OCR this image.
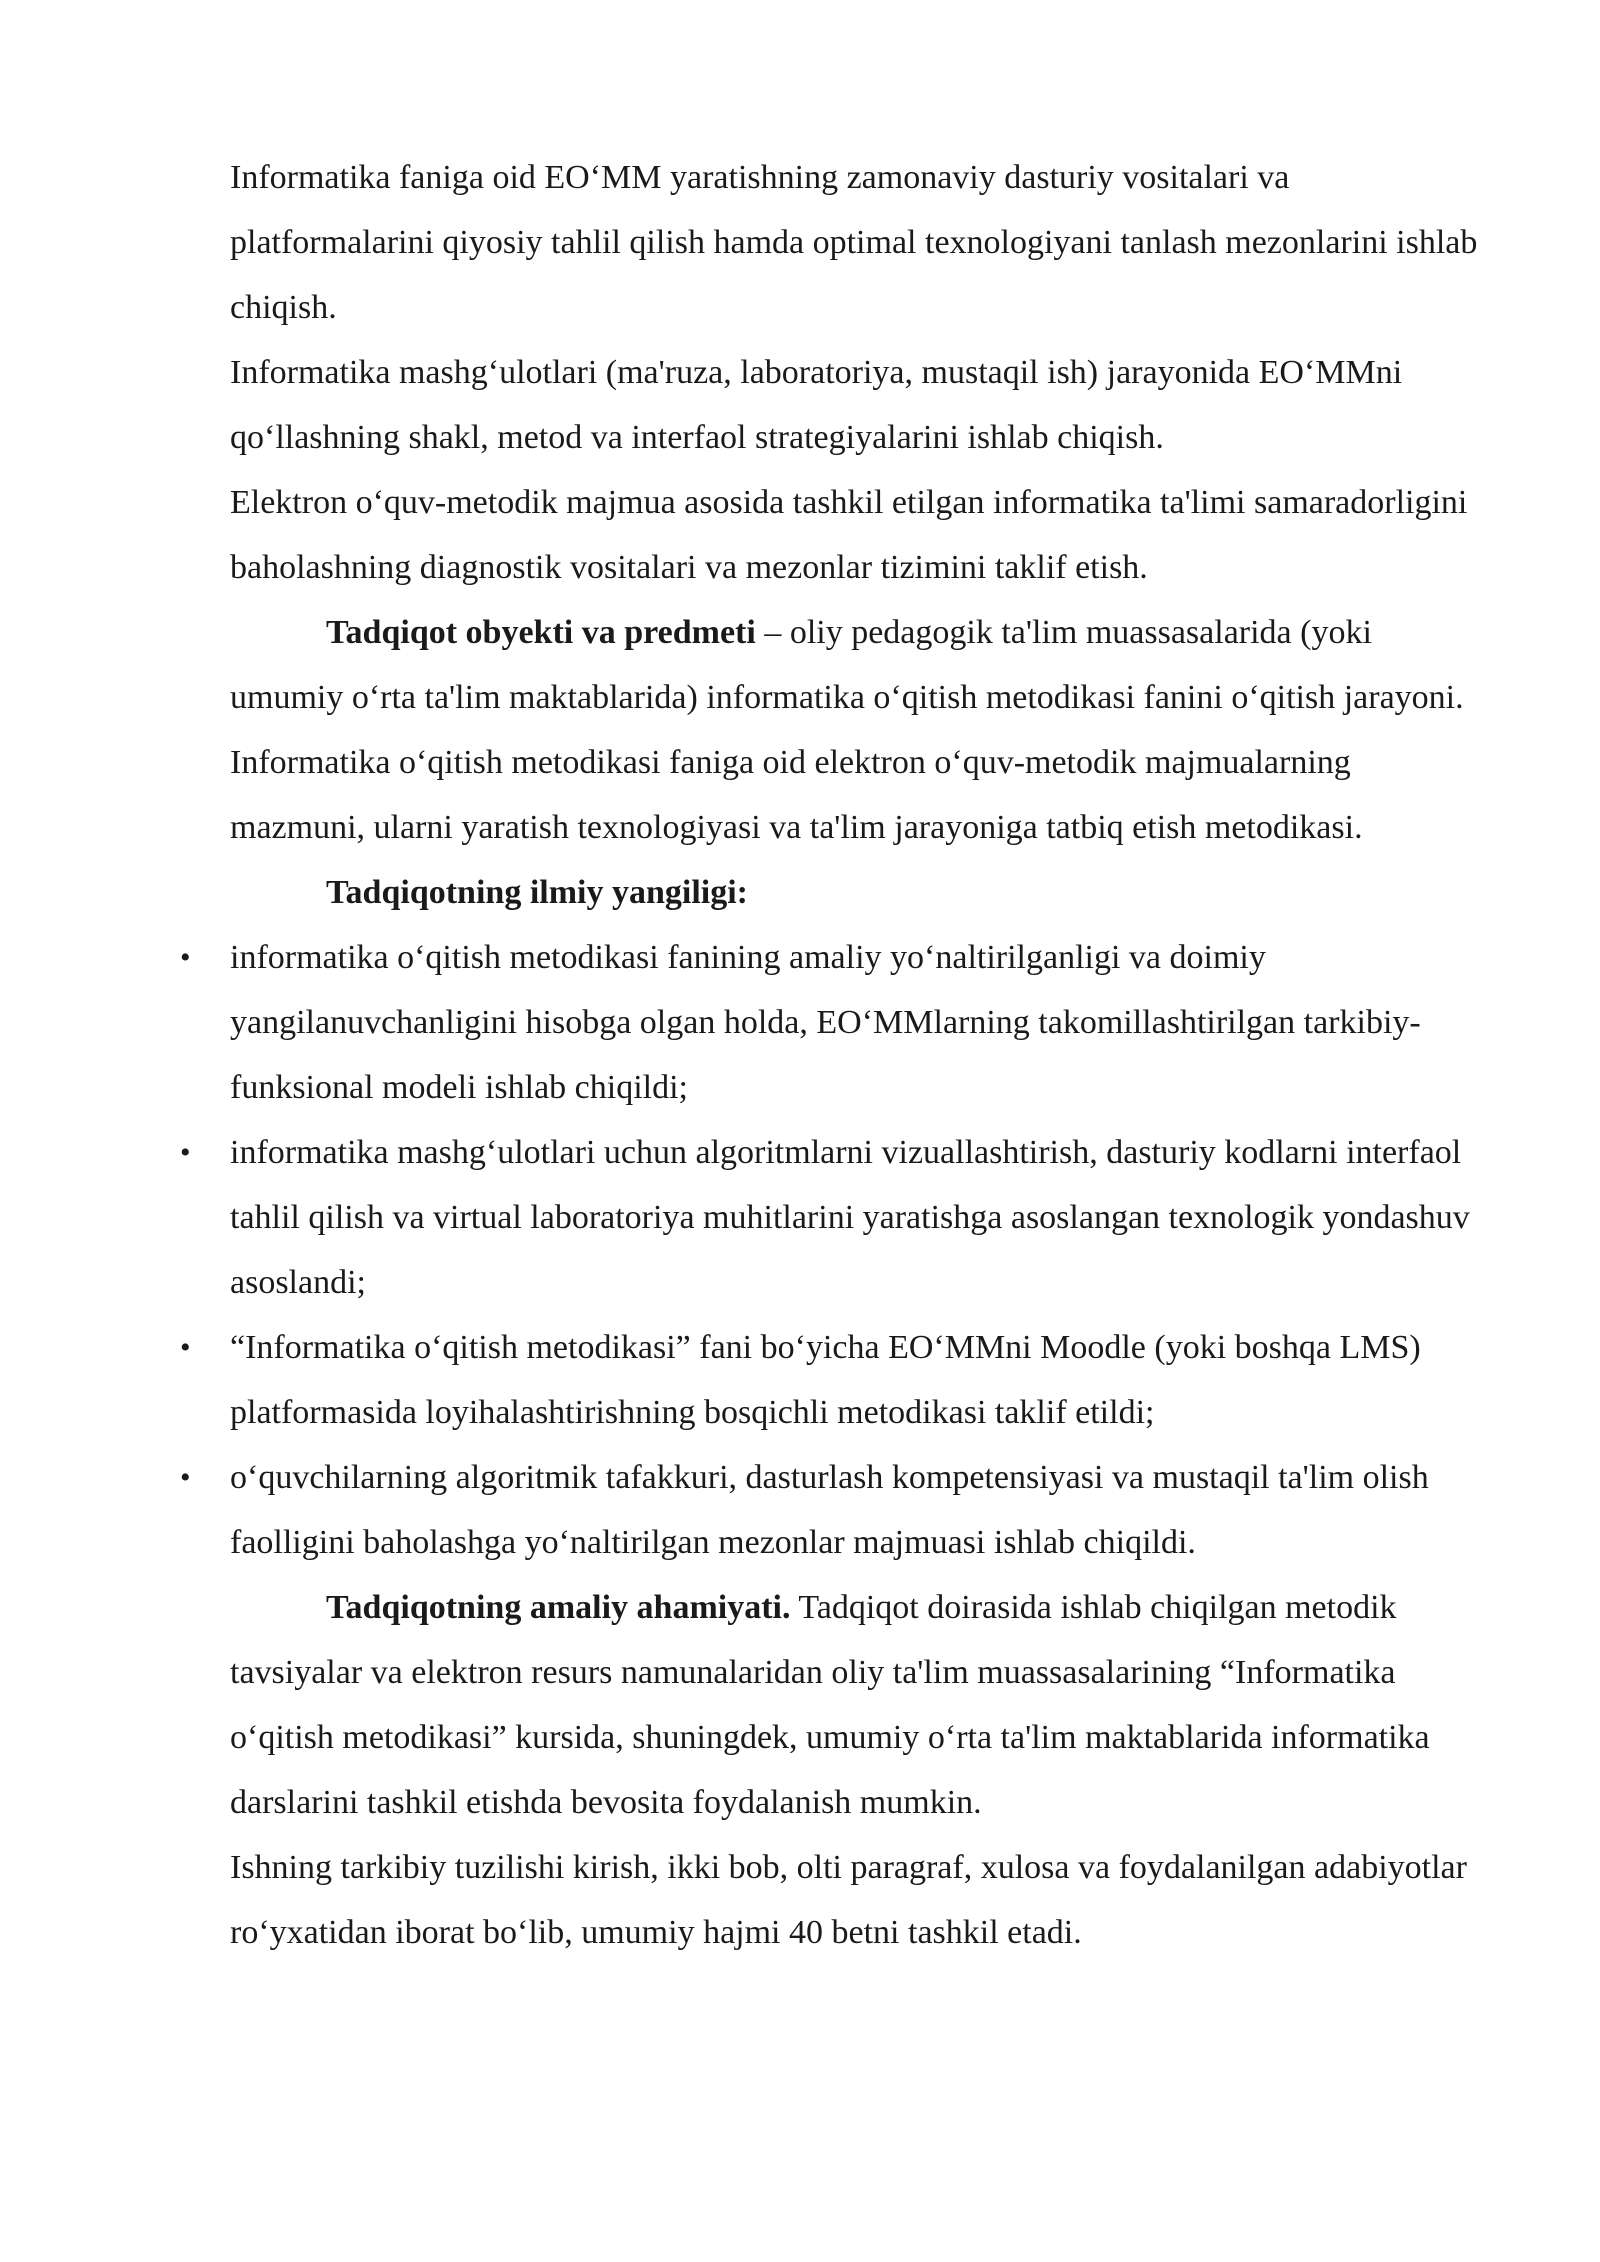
Informatika faniga oid EO‘MM yaratishning zamonaviy dasturiy vositalari va platformalarini qiyosiy tahlil qilish hamda optimal texnologiyani tanlash mezonlarini ishlab chiqish.

Informatika mashg‘ulotlari (ma'ruza, laboratoriya, mustaqil ish) jarayonida EO‘MMni qo‘llashning shakl, metod va interfaol strategiyalarini ishlab chiqish.

Elektron o‘quv-metodik majmua asosida tashkil etilgan informatika ta'limi samaradorligini baholashning diagnostik vositalari va mezonlar tizimini taklif etish.

Tadqiqot obyekti va predmeti – oliy pedagogik ta'lim muassasalarida (yoki umumiy o‘rta ta'lim maktablarida) informatika o‘qitish metodikasi fanini o‘qitish jarayoni.

Informatika o‘qitish metodikasi faniga oid elektron o‘quv-metodik majmualarning mazmuni, ularni yaratish texnologiyasi va ta'lim jarayoniga tatbiq etish metodikasi.

Tadqiqotning ilmiy yangiligi:

• informatika o‘qitish metodikasi fanining amaliy yo‘naltirilganligi va doimiy yangilanuvchanligini hisobga olgan holda, EO‘MMlarning takomillashtirilgan tarkibiy-funksional modeli ishlab chiqildi;
• informatika mashg‘ulotlari uchun algoritmlarni vizuallashtirish, dasturiy kodlarni interfaol tahlil qilish va virtual laboratoriya muhitlarini yaratishga asoslangan texnologik yondashuv asoslandi;
• “Informatika o‘qitish metodikasi” fani bo‘yicha EO‘MMni Moodle (yoki boshqa LMS) platformasida loyihalashtirishning bosqichli metodikasi taklif etildi;
• o‘quvchilarning algoritmik tafakkuri, dasturlash kompetensiyasi va mustaqil ta'lim olish faolligini baholashga yo‘naltirilgan mezonlar majmuasi ishlab chiqildi.

Tadqiqotning amaliy ahamiyati. Tadqiqot doirasida ishlab chiqilgan metodik tavsiyalar va elektron resurs namunalaridan oliy ta'lim muassasalarining “Informatika o‘qitish metodikasi” kursida, shuningdek, umumiy o‘rta ta'lim maktablarida informatika darslarini tashkil etishda bevosita foydalanish mumkin.

Ishning tarkibiy tuzilishi kirish, ikki bob, olti paragraf, xulosa va foydalanilgan adabiyotlar ro‘yxatidan iborat bo‘lib, umumiy hajmi 40 betni tashkil etadi.
